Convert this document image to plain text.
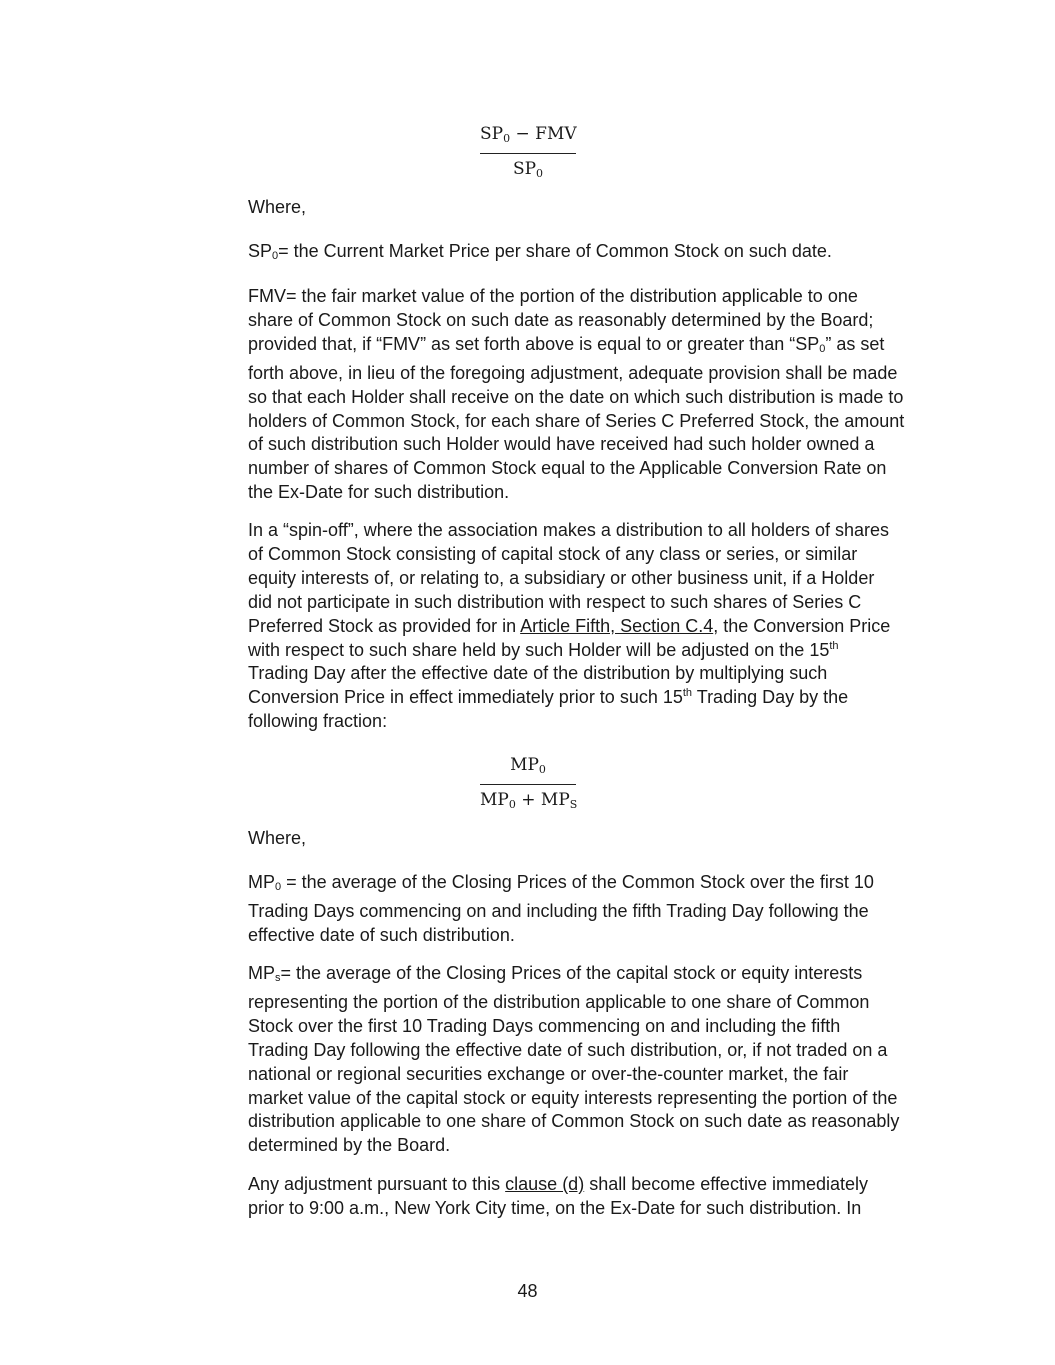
$SP_0$ − FMV
$SP_0$

Where,

$SP_0=$ the Current Market Price per share of Common Stock on such date.

FMV= the fair market value of the portion of the distribution applicable to one
share of Common Stock on such date as reasonably determined by the Board;
provided that, if “FMV” as set forth above is equal to or greater than “$SP_0$” as set
forth above, in lieu of the foregoing adjustment, adequate provision shall be made
so that each Holder shall receive on the date on which such distribution is made to
holders of Common Stock, for each share of Series C Preferred Stock, the amount
of such distribution such Holder would have received had such holder owned a
number of shares of Common Stock equal to the Applicable Conversion Rate on
the Ex-Date for such distribution.

In a “spin-off”, where the association makes a distribution to all holders of shares
of Common Stock consisting of capital stock of any class or series, or similar
equity interests of, or relating to, a subsidiary or other business unit, if a Holder
did not participate in such distribution with respect to such shares of Series C
Preferred Stock as provided for in Article Fifth, Section C.4, the Conversion Price
with respect to such share held by such Holder will be adjusted on the 15th
Trading Day after the effective date of the distribution by multiplying such
Conversion Price in effect immediately prior to such 15th Trading Day by the
following fraction:

$MP_0$
$MP_0 + MP_S$

Where,

$MP_0$ = the average of the Closing Prices of the Common Stock over the first 10
Trading Days commencing on and including the fifth Trading Day following the
effective date of such distribution.

$MP_s=$ the average of the Closing Prices of the capital stock or equity interests
representing the portion of the distribution applicable to one share of Common
Stock over the first 10 Trading Days commencing on and including the fifth
Trading Day following the effective date of such distribution, or, if not traded on a
national or regional securities exchange or over-the-counter market, the fair
market value of the capital stock or equity interests representing the portion of the
distribution applicable to one share of Common Stock on such date as reasonably
determined by the Board.

Any adjustment pursuant to this clause (d) shall become effective immediately
prior to 9:00 a.m., New York City time, on the Ex-Date for such distribution. In

48
